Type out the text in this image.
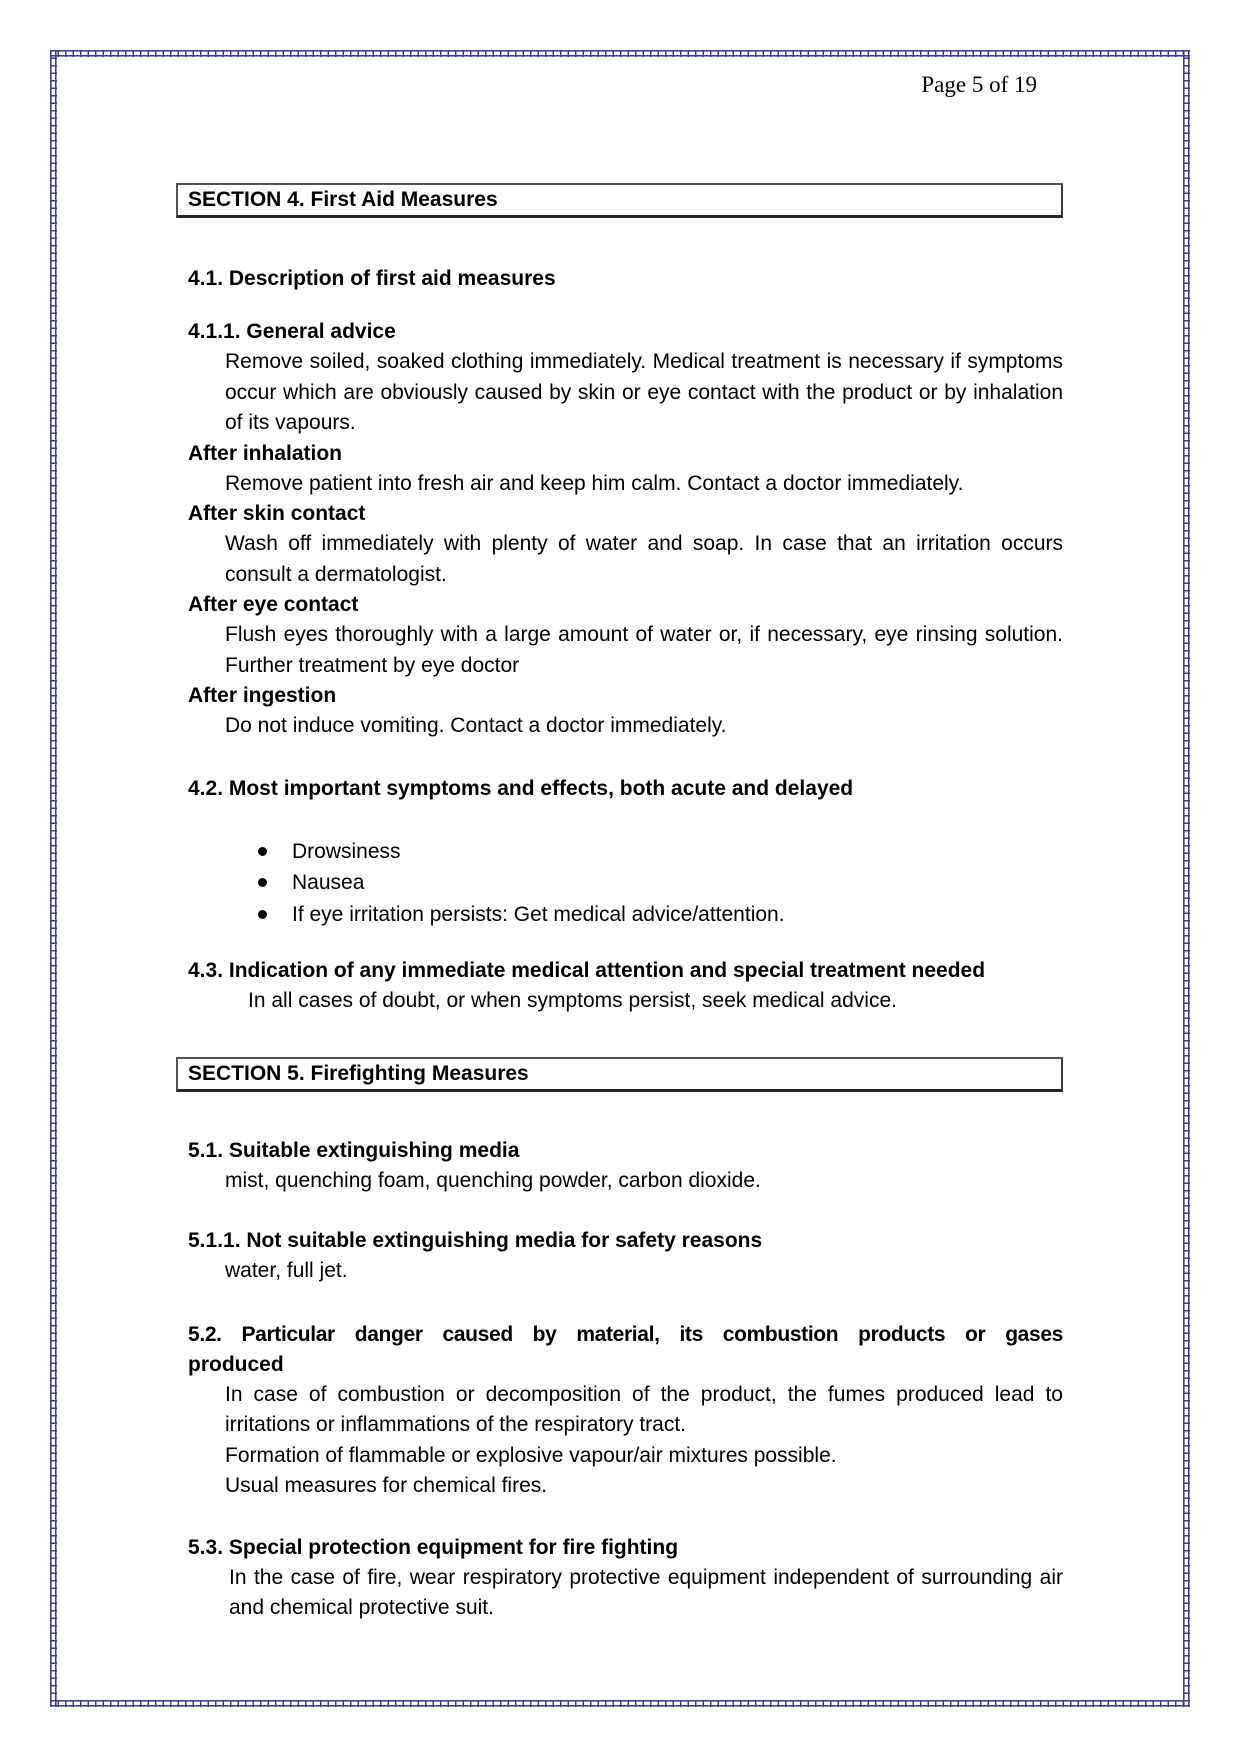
Page 5 of 19
SECTION 4. First Aid Measures

4.1. Description of first aid measures

4.1.1. General advice

Remove soiled, soaked clothing immediately. Medical treatment is necessary if symptoms occur which are obviously caused by skin or eye contact with the product or by inhalation of its vapours.

After inhalation

Remove patient into fresh air and keep him calm. Contact a doctor immediately.

After skin contact

Wash off immediately with plenty of water and soap. In case that an irritation occurs consult a dermatologist.

After eye contact

Flush eyes thoroughly with a large amount of water or, if necessary, eye rinsing solution. Further treatment by eye doctor

After ingestion

Do not induce vomiting. Contact a doctor immediately.

4.2. Most important symptoms and effects, both acute and delayed

Drowsiness
Nausea
If eye irritation persists: Get medical advice/attention.

4.3. Indication of any immediate medical attention and special treatment needed

In all cases of doubt, or when symptoms persist, seek medical advice.

SECTION 5. Firefighting Measures

5.1. Suitable extinguishing media

mist, quenching foam, quenching powder, carbon dioxide.

5.1.1. Not suitable extinguishing media for safety reasons

water, full jet.

5.2. Particular danger caused by material, its combustion products or gases

produced

In case of combustion or decomposition of the product, the fumes produced lead to irritations or inflammations of the respiratory tract.

Formation of flammable or explosive vapour/air mixtures possible.

Usual measures for chemical fires.

5.3. Special protection equipment for fire fighting

In the case of fire, wear respiratory protective equipment independent of surrounding air and chemical protective suit.
